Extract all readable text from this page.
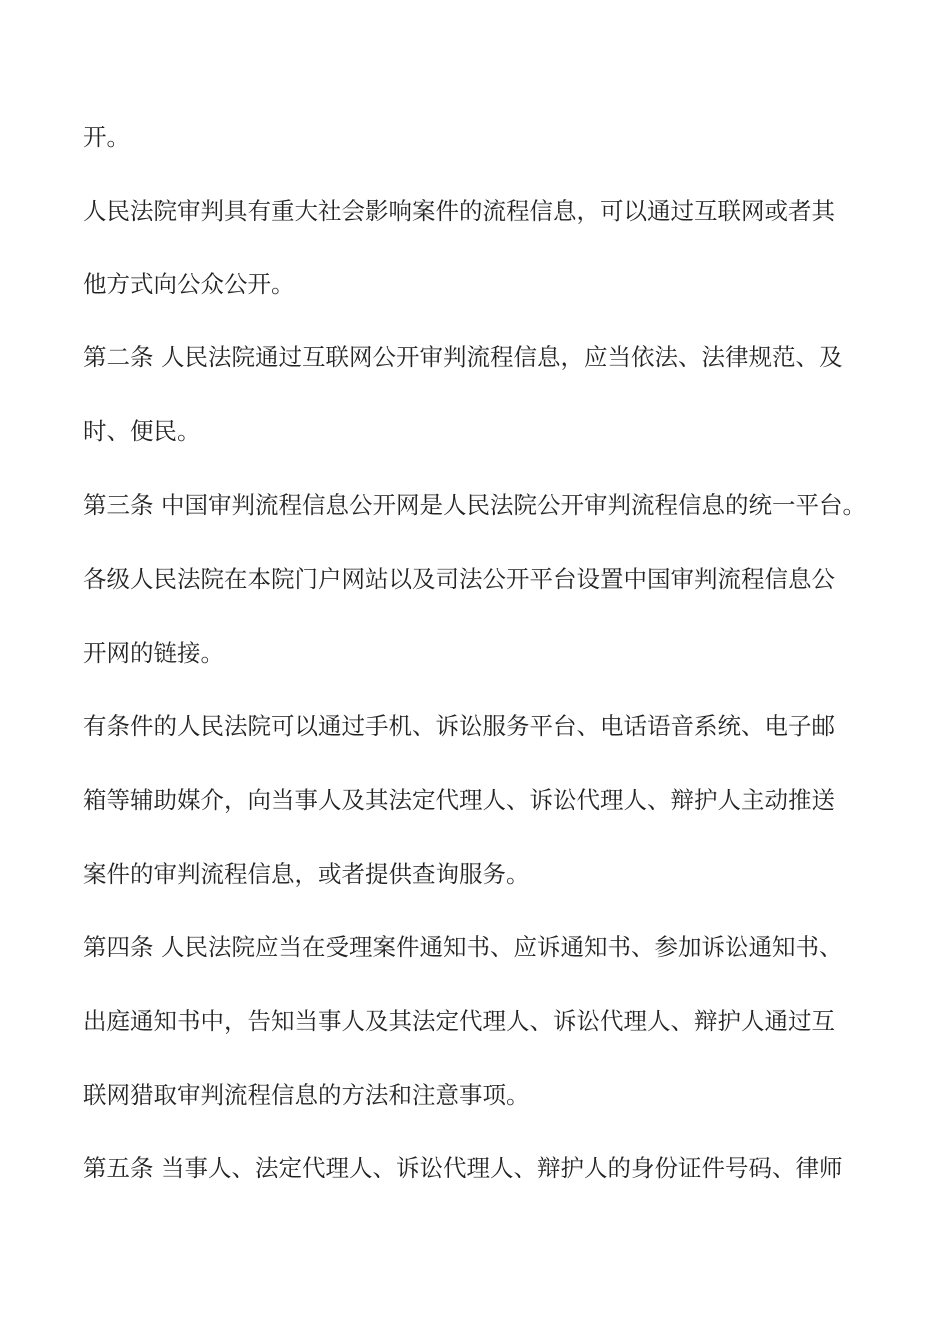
开。
人民法院审判具有重大社会影响案件的流程信息，可以通过互联网或者其
他方式向公众公开。
第二条 人民法院通过互联网公开审判流程信息，应当依法、法律规范、及
时、便民。
第三条 中国审判流程信息公开网是人民法院公开审判流程信息的统一平台。
各级人民法院在本院门户网站以及司法公开平台设置中国审判流程信息公
开网的链接。
有条件的人民法院可以通过手机、诉讼服务平台、电话语音系统、电子邮
箱等辅助媒介，向当事人及其法定代理人、诉讼代理人、辩护人主动推送
案件的审判流程信息，或者提供查询服务。
第四条 人民法院应当在受理案件通知书、应诉通知书、参加诉讼通知书、
出庭通知书中，告知当事人及其法定代理人、诉讼代理人、辩护人通过互
联网猎取审判流程信息的方法和注意事项。
第五条 当事人、法定代理人、诉讼代理人、辩护人的身份证件号码、律师
